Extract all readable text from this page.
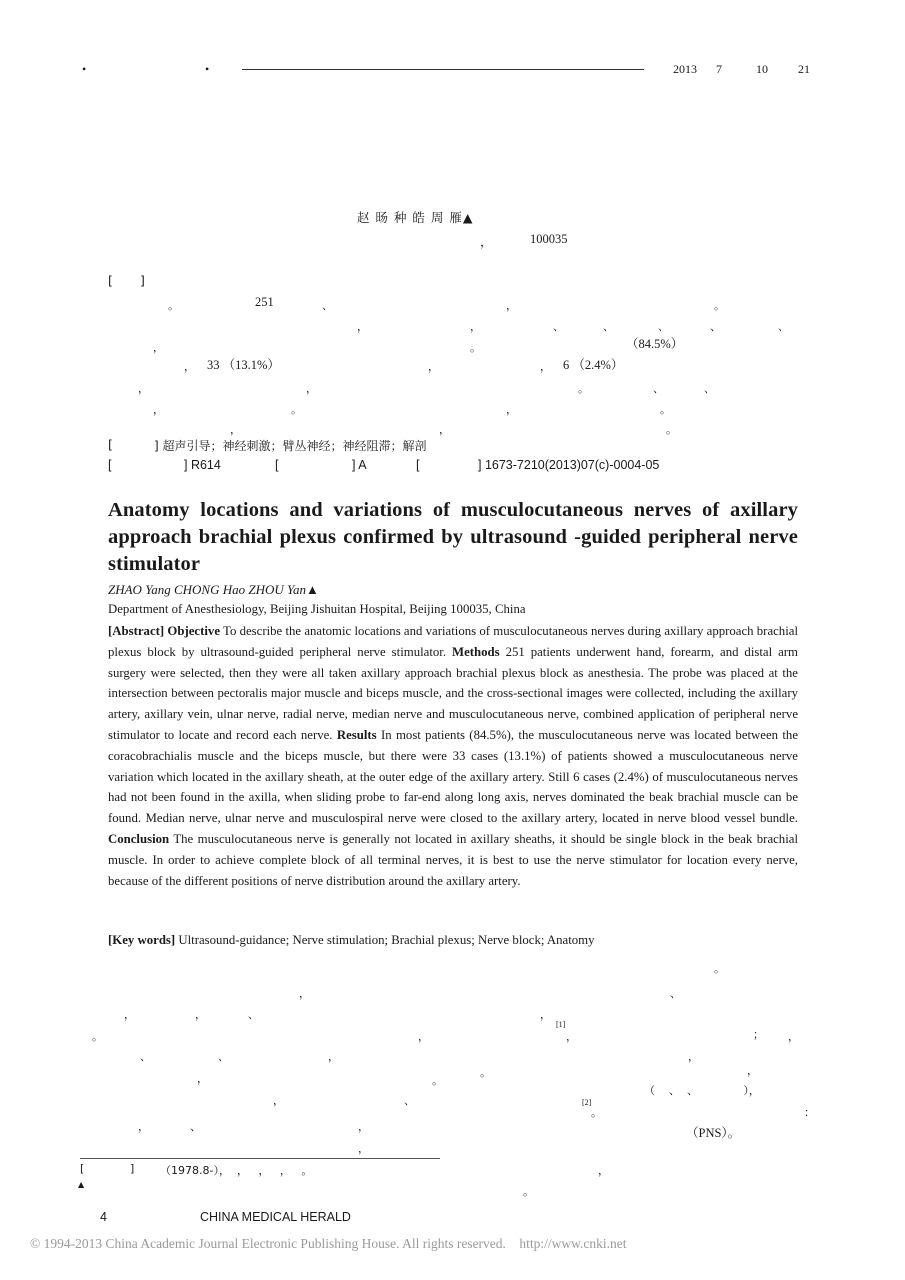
•	•	2013 7	10	21
赵 旸 种 皓 周 雁▲
，	100035
[ ]
。	251	、	，	。
，	，	、	、	、	、	、
，	。	（84.5%）
， 33 （13.1%）	，	， 6 （2.4%）
，	，	。	、	、
，	。	，	。
，	，	。
[	] 超声引导；神经刺激；臂丛神经；神经阻滞；解剖
[	] R614	[	] A	[	] 1673-7210(2013)07(c)-0004-05
Anatomy locations and variations of musculocutaneous nerves of axillary approach brachial plexus confirmed by ultrasound -guided peripheral nerve stimulator
ZHAO Yang CHONG Hao ZHOU Yan▲
Department of Anesthesiology, Beijing Jishuitan Hospital, Beijing 100035, China
[Abstract] Objective To describe the anatomic locations and variations of musculocutaneous nerves during axillary approach brachial plexus block by ultrasound-guided peripheral nerve stimulator. Methods 251 patients underwent hand, forearm, and distal arm surgery were selected, then they were all taken axillary approach brachial plexus block as anesthesia. The probe was placed at the intersection between pectoralis major muscle and biceps muscle, and the cross-sectional images were collected, including the axillary artery, axillary vein, ulnar nerve, radial nerve, median nerve and musculocutaneous nerve, combined application of peripheral nerve stimulator to locate and record each nerve. Results In most patients (84.5%), the musculocutaneous nerve was located between the coracobrachialis muscle and the biceps muscle, but there were 33 cases (13.1%) of patients showed a musculocutaneous nerve variation which located in the axillary sheath, at the outer edge of the axillary artery. Still 6 cases (2.4%) of musculocutaneous nerves had not been found in the axilla, when sliding probe to far-end along long axis, nerves dominated the beak brachial muscle can be found. Median nerve, ulnar nerve and musculospiral nerve were closed to the axillary artery, located in nerve blood vessel bundle. Conclusion The musculocutaneous nerve is generally not located in axillary sheaths, it should be single block in the beak brachial muscle. In order to achieve complete block of all terminal nerves, it is best to use the nerve stimulator for location every nerve, because of the different positions of nerve distribution around the axillary artery.
[Key words] Ultrasound-guidance; Nerve stimulation; Brachial plexus; Nerve block; Anatomy
，
。
，	，	、	，
、
。	，
[1]
，	； ，
、	、	，	，
，	。
。	，
（    、  、             ），
，	、	[2]
。	：
，	、	，	（PNS）。
，
[	] （1978.8-），  ，   ，   ，   。
▲
，
。
4	CHINA MEDICAL HERALD
© 1994-2013 China Academic Journal Electronic Publishing House. All rights reserved.    http://www.cnki.net
